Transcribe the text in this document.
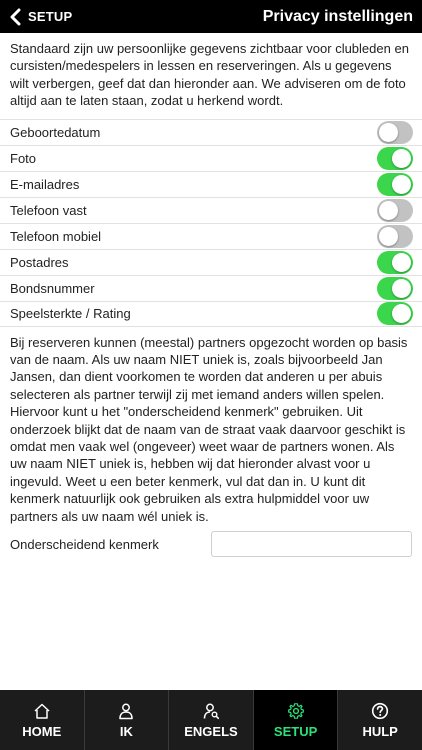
SETUP	Privacy instellingen

Standaard zijn uw persoonlijke gegevens zichtbaar voor clubleden en cursisten/medespelers in lessen en reserveringen. Als u gegevens wilt verbergen, geef dat dan hieronder aan. We adviseren om de foto altijd aan te laten staan, zodat u herkend wordt.

Geboortedatum
Foto
E-mailadres
Telefoon vast
Telefoon mobiel
Postadres
Bondsnummer
Speelsterkte / Rating

Bij reserveren kunnen (meestal) partners opgezocht worden op basis van de naam. Als uw naam NIET uniek is, zoals bijvoorbeeld Jan Jansen, dan dient voorkomen te worden dat anderen u per abuis selecteren als partner terwijl zij met iemand anders willen spelen. Hiervoor kunt u het "onderscheidend kenmerk" gebruiken. Uit onderzoek blijkt dat de naam van de straat vaak daarvoor geschikt is omdat men vaak wel (ongeveer) weet waar de partners wonen. Als uw naam NIET uniek is, hebben wij dat hieronder alvast voor u ingevuld. Weet u een beter kenmerk, vul dat dan in. U kunt dit kenmerk natuurlijk ook gebruiken als extra hulpmiddel voor uw partners als uw naam wél uniek is.

Onderscheidend kenmerk
HOME	IK	ENGELS	SETUP	HULP
